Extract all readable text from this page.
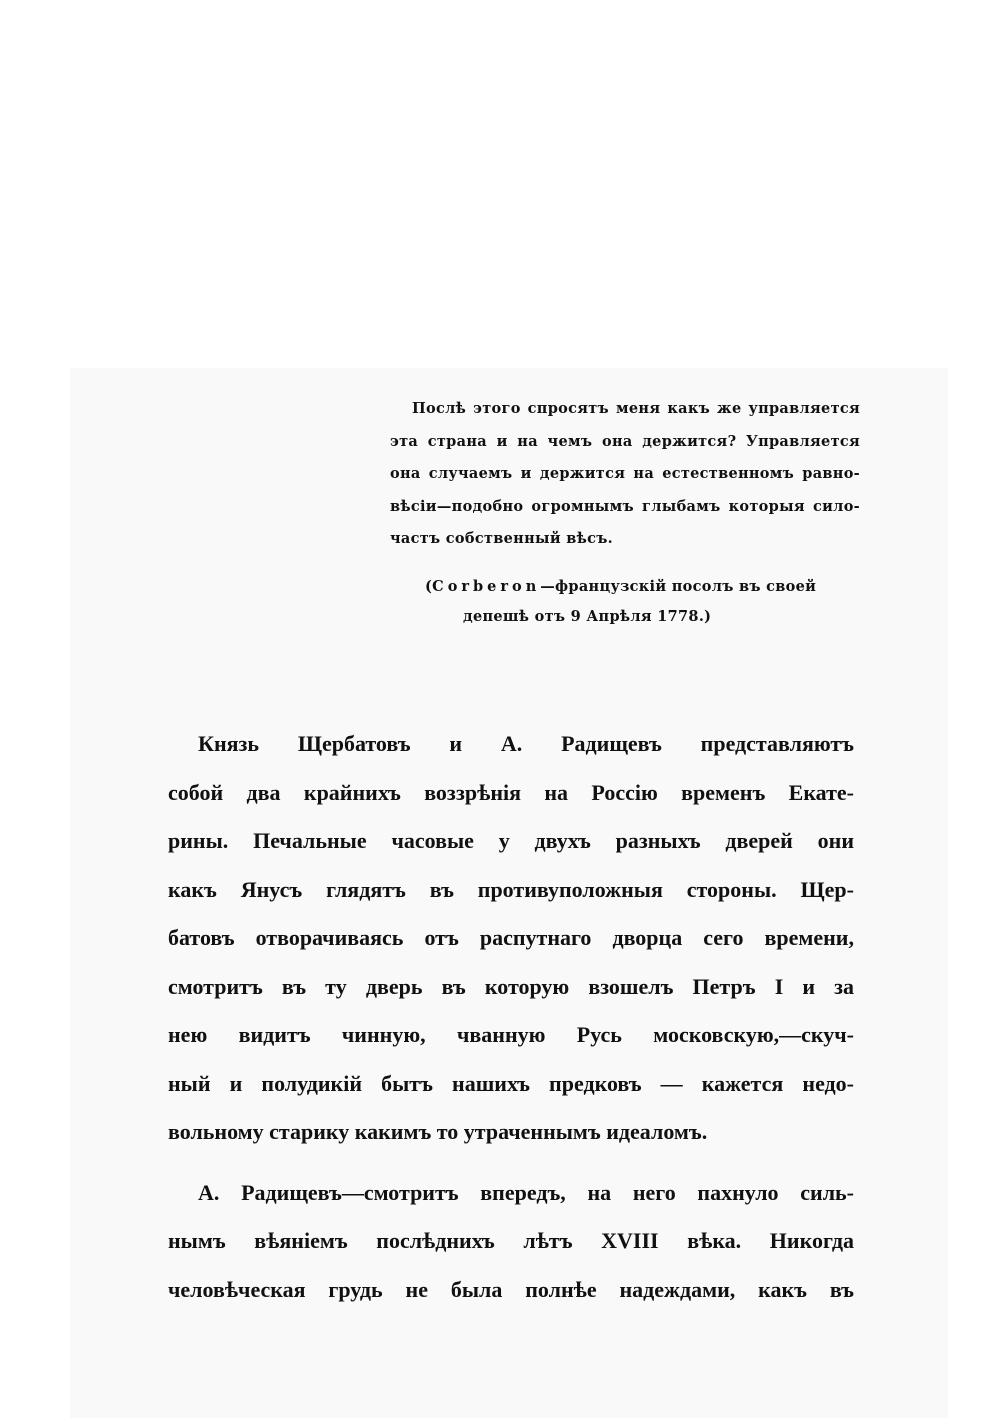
Послѣ этого спросятъ меня какъ же управляется
эта страна и на чемъ она держится? Управляется
она случаемъ и держится на естественномъ равно-
вѣсіи—подобно огромнымъ глыбамъ которыя сило-
частъ собственный вѣсъ.
(Corberon—французскій посолъ въ своей
депешѣ отъ 9 Апрѣля 1778.)
Князь Щербатовъ и А. Радищевъ представляютъ
собой два крайнихъ воззрѣнія на Россію временъ Екате-
рины. Печальные часовые у двухъ разныхъ дверей они
какъ Янусъ глядятъ въ противуположныя стороны. Щер-
батовъ отворачиваясь отъ распутнаго дворца сего времени,
смотритъ въ ту дверь въ которую взошелъ Петръ I и за
нею видитъ чинную, чванную Русь московскую,—скуч-
ный и полудикій бытъ нашихъ предковъ — кажется недо-
вольному старику какимъ то утраченнымъ идеаломъ.
А. Радищевъ—смотритъ впередъ, на него пахнуло силь-
нымъ вѣяніемъ послѣднихъ лѣтъ XVIII вѣка. Никогда
человѣческая грудь не была полнѣе надеждами, какъ въ
